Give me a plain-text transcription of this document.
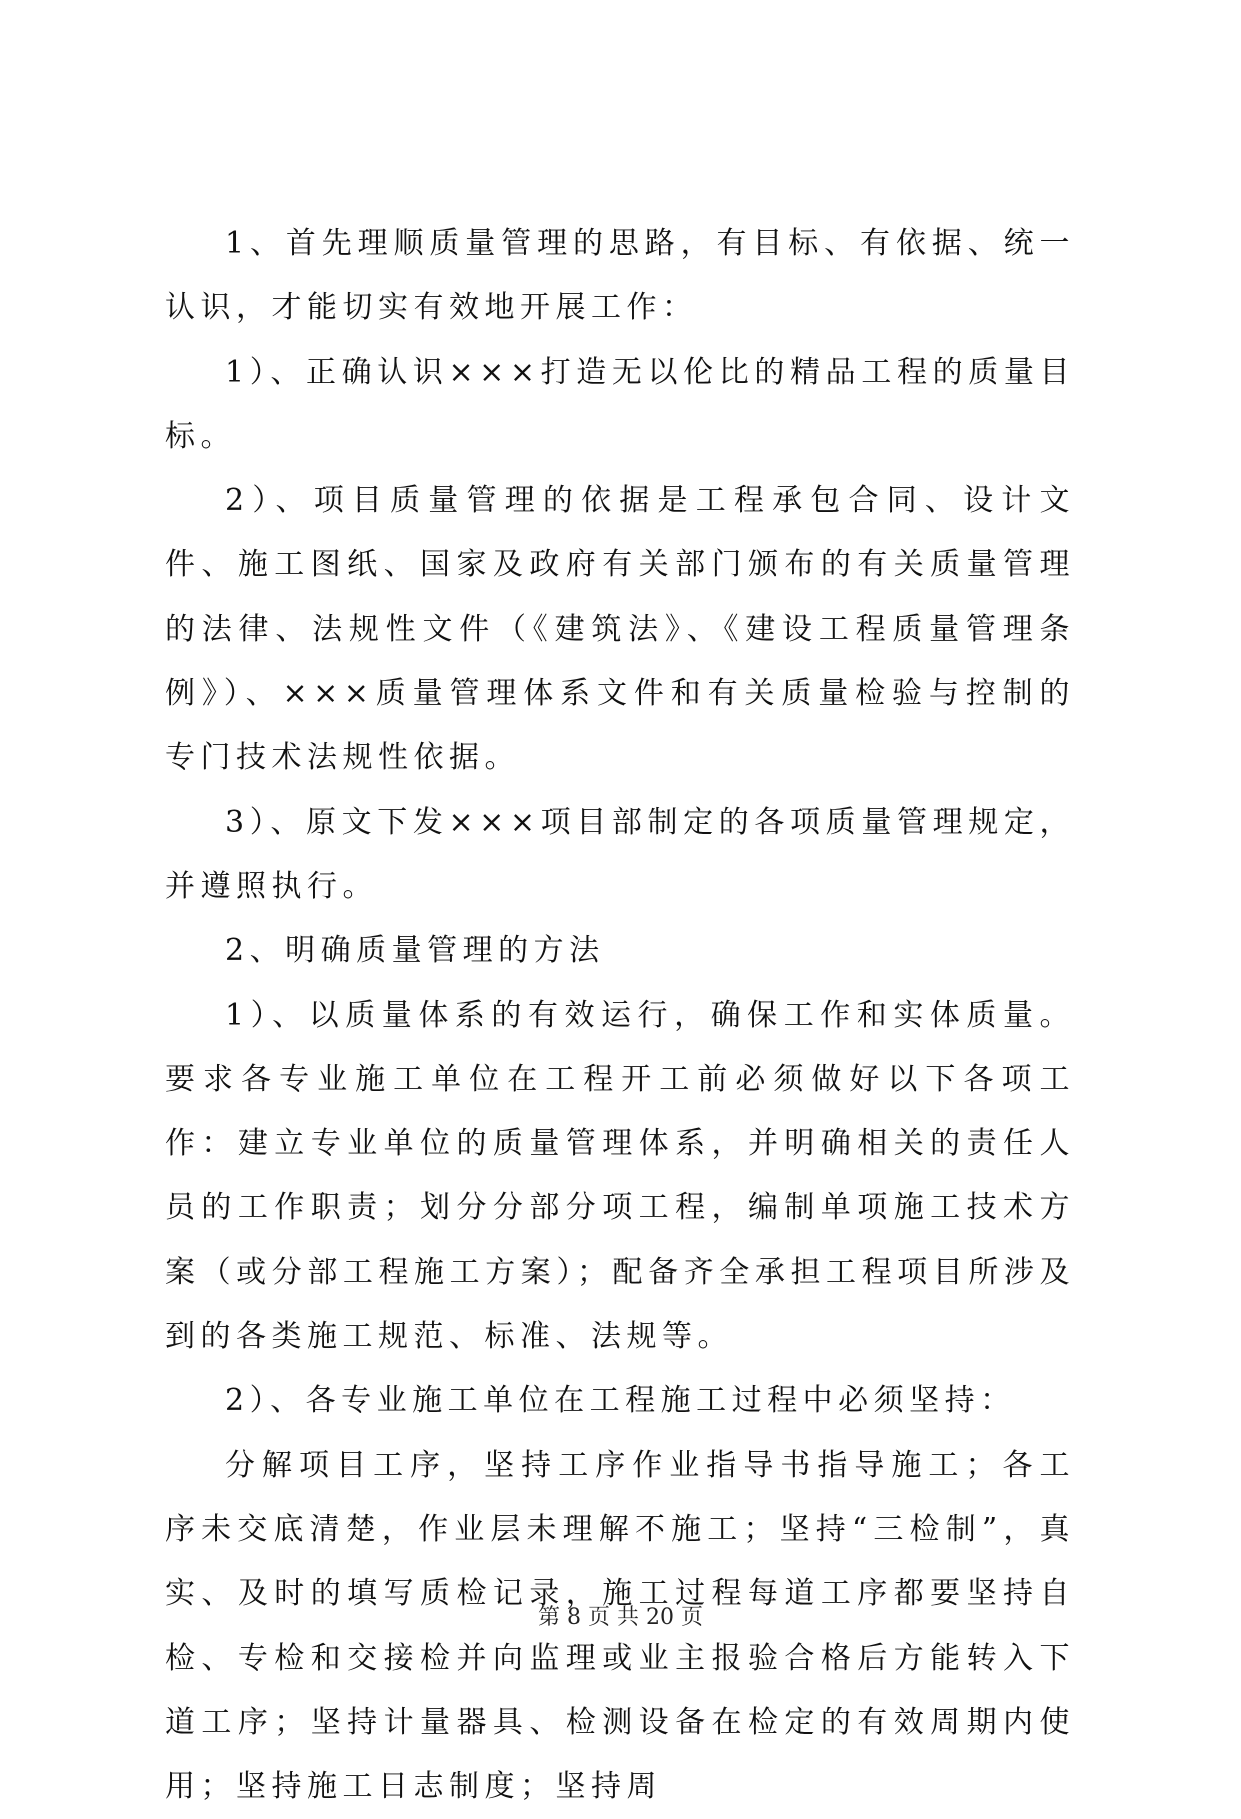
1、首先理顺质量管理的思路，有目标、有依据、统一认识，才能切实有效地开展工作：

1）、正确认识×××打造无以伦比的精品工程的质量目标。

2）、项目质量管理的依据是工程承包合同、设计文件、施工图纸、国家及政府有关部门颁布的有关质量管理的法律、法规性文件（《建筑法》、《建设工程质量管理条例》）、×××质量管理体系文件和有关质量检验与控制的专门技术法规性依据。

3）、原文下发×××项目部制定的各项质量管理规定，并遵照执行。

2、明确质量管理的方法

1）、以质量体系的有效运行，确保工作和实体质量。要求各专业施工单位在工程开工前必须做好以下各项工作：建立专业单位的质量管理体系，并明确相关的责任人员的工作职责；划分分部分项工程，编制单项施工技术方案（或分部工程施工方案）；配备齐全承担工程项目所涉及到的各类施工规范、标准、法规等。

2）、各专业施工单位在工程施工过程中必须坚持：

分解项目工序，坚持工序作业指导书指导施工；各工序未交底清楚，作业层未理解不施工；坚持“三检制”，真实、及时的填写质检记录，施工过程每道工序都要坚持自检、专检和交接检并向监理或业主报验合格后方能转入下道工序；坚持计量器具、检测设备在检定的有效周期内使用；坚持施工日志制度；坚持周

第 8 页 共 20 页
